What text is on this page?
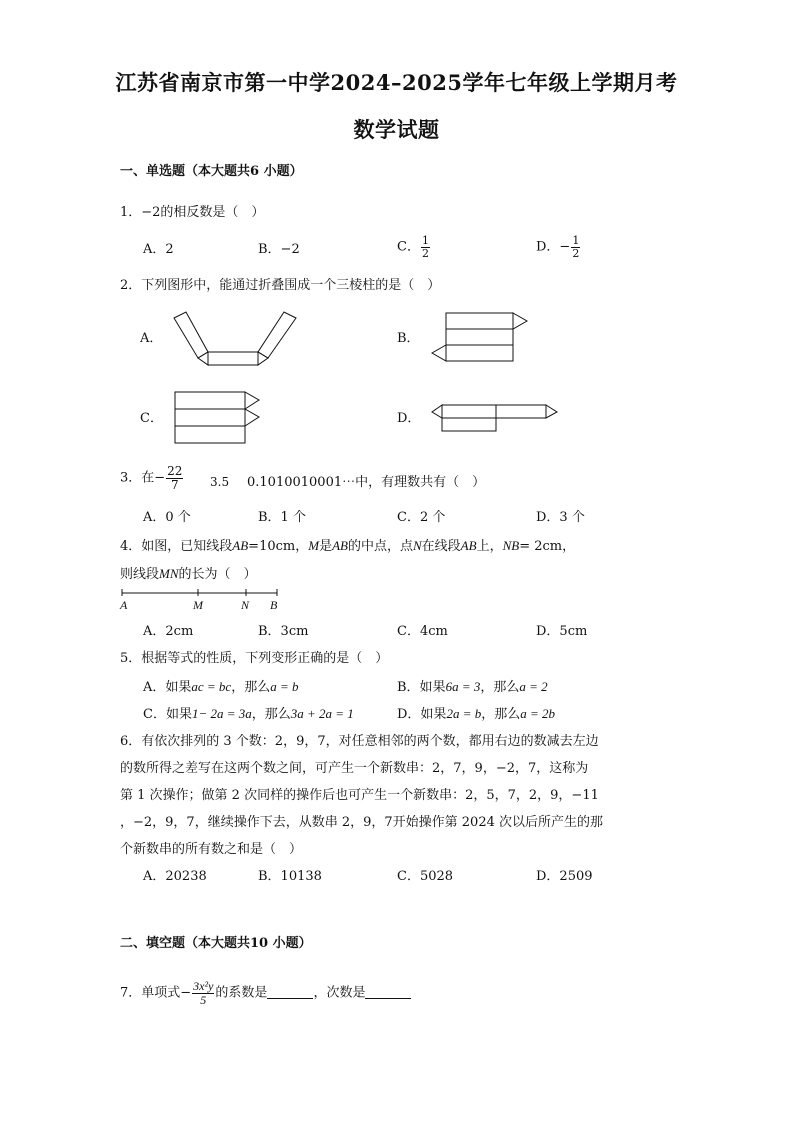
江苏省南京市第一中学2024–2025学年七年级上学期月考
数学试题
一、单选题（本大题共6 小题）
1．−2的相反数是（　）
A．2	B．−2	C． $\frac{1}{2}$	D．− $\frac{1}{2}$
2．下列图形中，能通过折叠围成一个三棱柱的是（　）
A．	B．
C．	D．
3．在− $\frac{22}{7} 3.5$ 0.1010010001⋯中，有理数共有（　）
A．0 个	B．1 个	C．2 个	D．3 个
4．如图，已知线段AB=10cm，M是AB的中点，点N在线段AB上，NB= 2cm，
则线段MN的长为（　）
A	M	N B
A．2cm	B．3cm	C．4cm	D．5cm
5．根据等式的性质，下列变形正确的是（　）
A．如果ac = bc，那么a = b	B．如果6a = 3，那么a = 2
C．如果1− 2a = 3a，那么3a + 2a = 1	D．如果2a = b，那么a = 2b
6．有依次排列的 3 个数：2，9，7，对任意相邻的两个数，都用右边的数减去左边
的数所得之差写在这两个数之间，可产生一个新数串：2，7，9，−2，7，这称为
第 1 次操作；做第 2 次同样的操作后也可产生一个新数串：2，5，7，2，9，−11
，−2，9，7，继续操作下去，从数串 2，9，7开始操作第 2024 次以后所产生的那
个新数串的所有数之和是（　）
A．20238	B．10138	C．5028	D．2509
二、填空题（本大题共10 小题）
7．单项式− $\frac{\text{3x²y}}{5}$ 的系数是	，次数是
